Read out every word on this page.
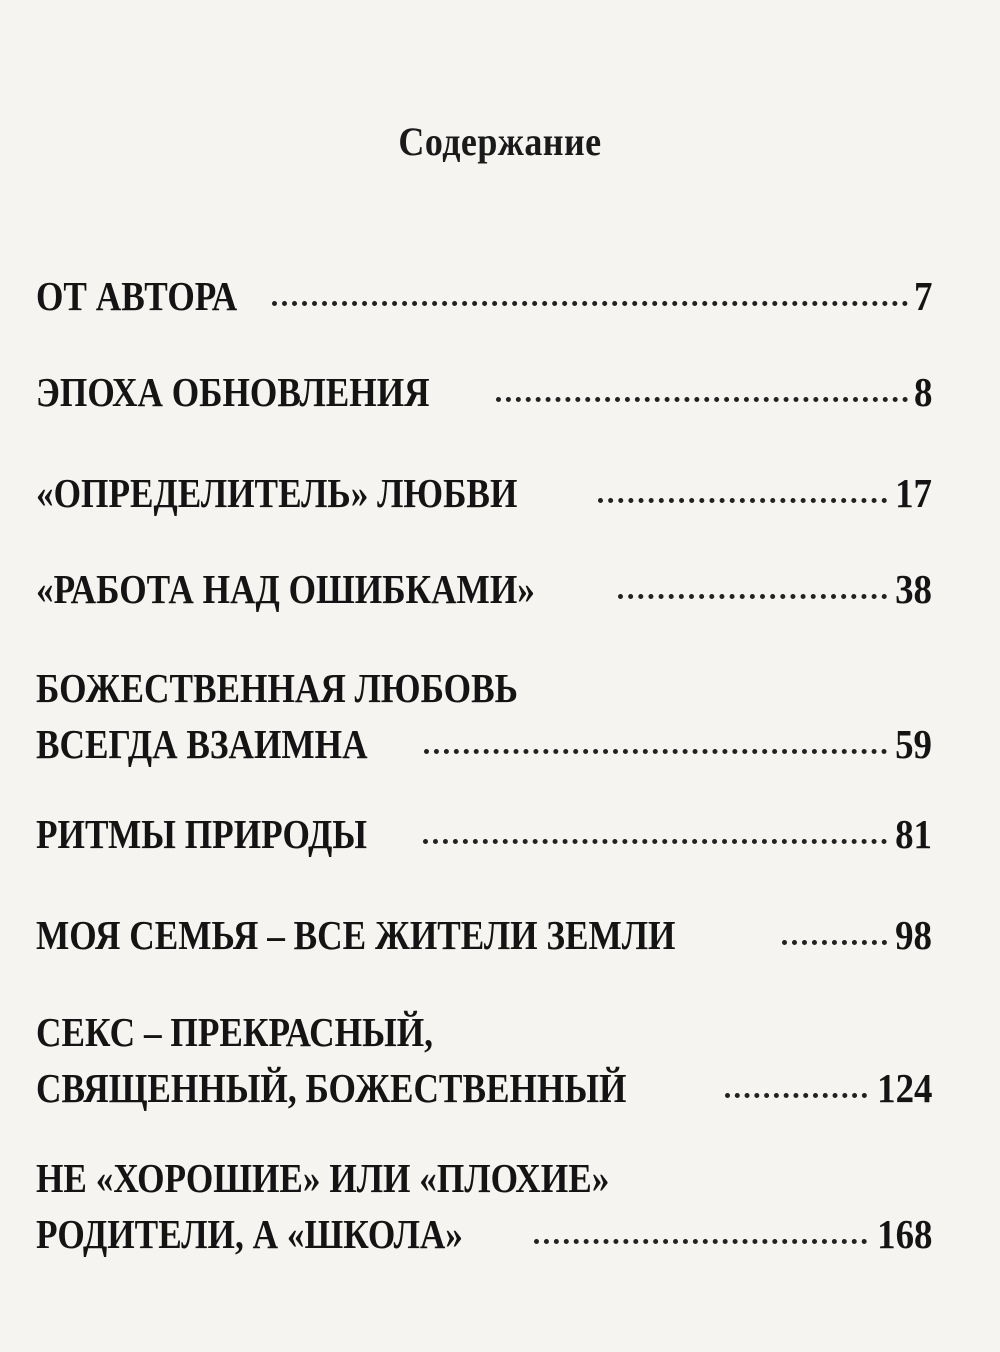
Содержание
ОТ АВТОРА	7
ЭПОХА ОБНОВЛЕНИЯ	8
«ОПРЕДЕЛИТЕЛЬ» ЛЮБВИ	17
«РАБОТА НАД ОШИБКАМИ»	38
БОЖЕСТВЕННАЯ ЛЮБОВЬ
ВСЕГДА ВЗАИМНА	59
РИТМЫ ПРИРОДЫ	81
МОЯ СЕМЬЯ – ВСЕ ЖИТЕЛИ ЗЕМЛИ	98
СЕКС – ПРЕКРАСНЫЙ,
СВЯЩЕННЫЙ, БОЖЕСТВЕННЫЙ	124
НЕ «ХОРОШИЕ» ИЛИ «ПЛОХИЕ»
РОДИТЕЛИ, А «ШКОЛА»	168
